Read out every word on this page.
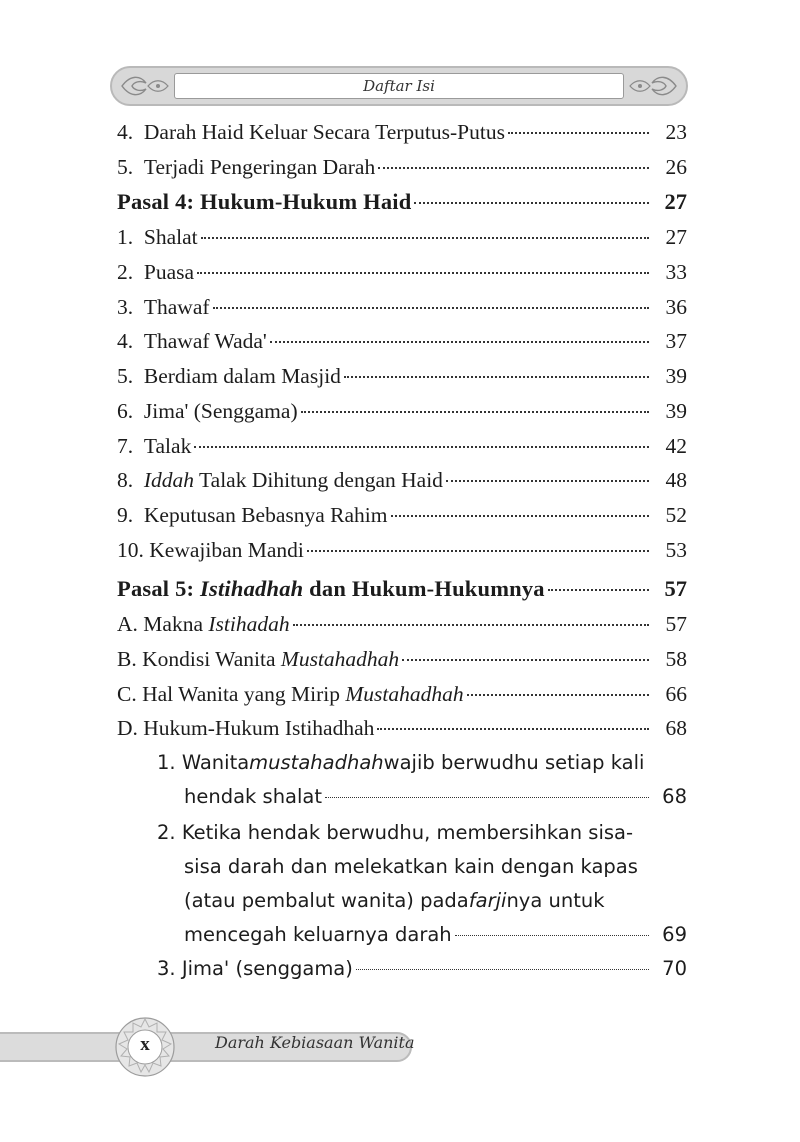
Daftar Isi
4. Darah Haid Keluar Secara Terputus-Putus	23
5. Terjadi Pengeringan Darah	26
Pasal 4: Hukum-Hukum Haid	27
1. Shalat	27
2. Puasa	33
3. Thawaf	36
4. Thawaf Wada'	37
5. Berdiam dalam Masjid	39
6. Jima' (Senggama)	39
7. Talak	42
8. Iddah Talak Dihitung dengan Haid	48
9. Keputusan Bebasnya Rahim	52
10. Kewajiban Mandi	53
Pasal 5: Istihadhah dan Hukum-Hukumnya	57
A. Makna Istihadah	57
B. Kondisi Wanita Mustahadhah	58
C. Hal Wanita yang Mirip Mustahadhah	66
D. Hukum-Hukum Istihadhah	68
1. Wanita mustahadhah wajib berwudhu setiap kali
hendak shalat	68
2. Ketika hendak berwudhu, membersihkan sisa-
sisa darah dan melekatkan kain dengan kapas
(atau pembalut wanita) pada farji nya untuk
mencegah keluarnya darah	69
3. Jima' (senggama)	70
x	Darah Kebiasaan Wanita
